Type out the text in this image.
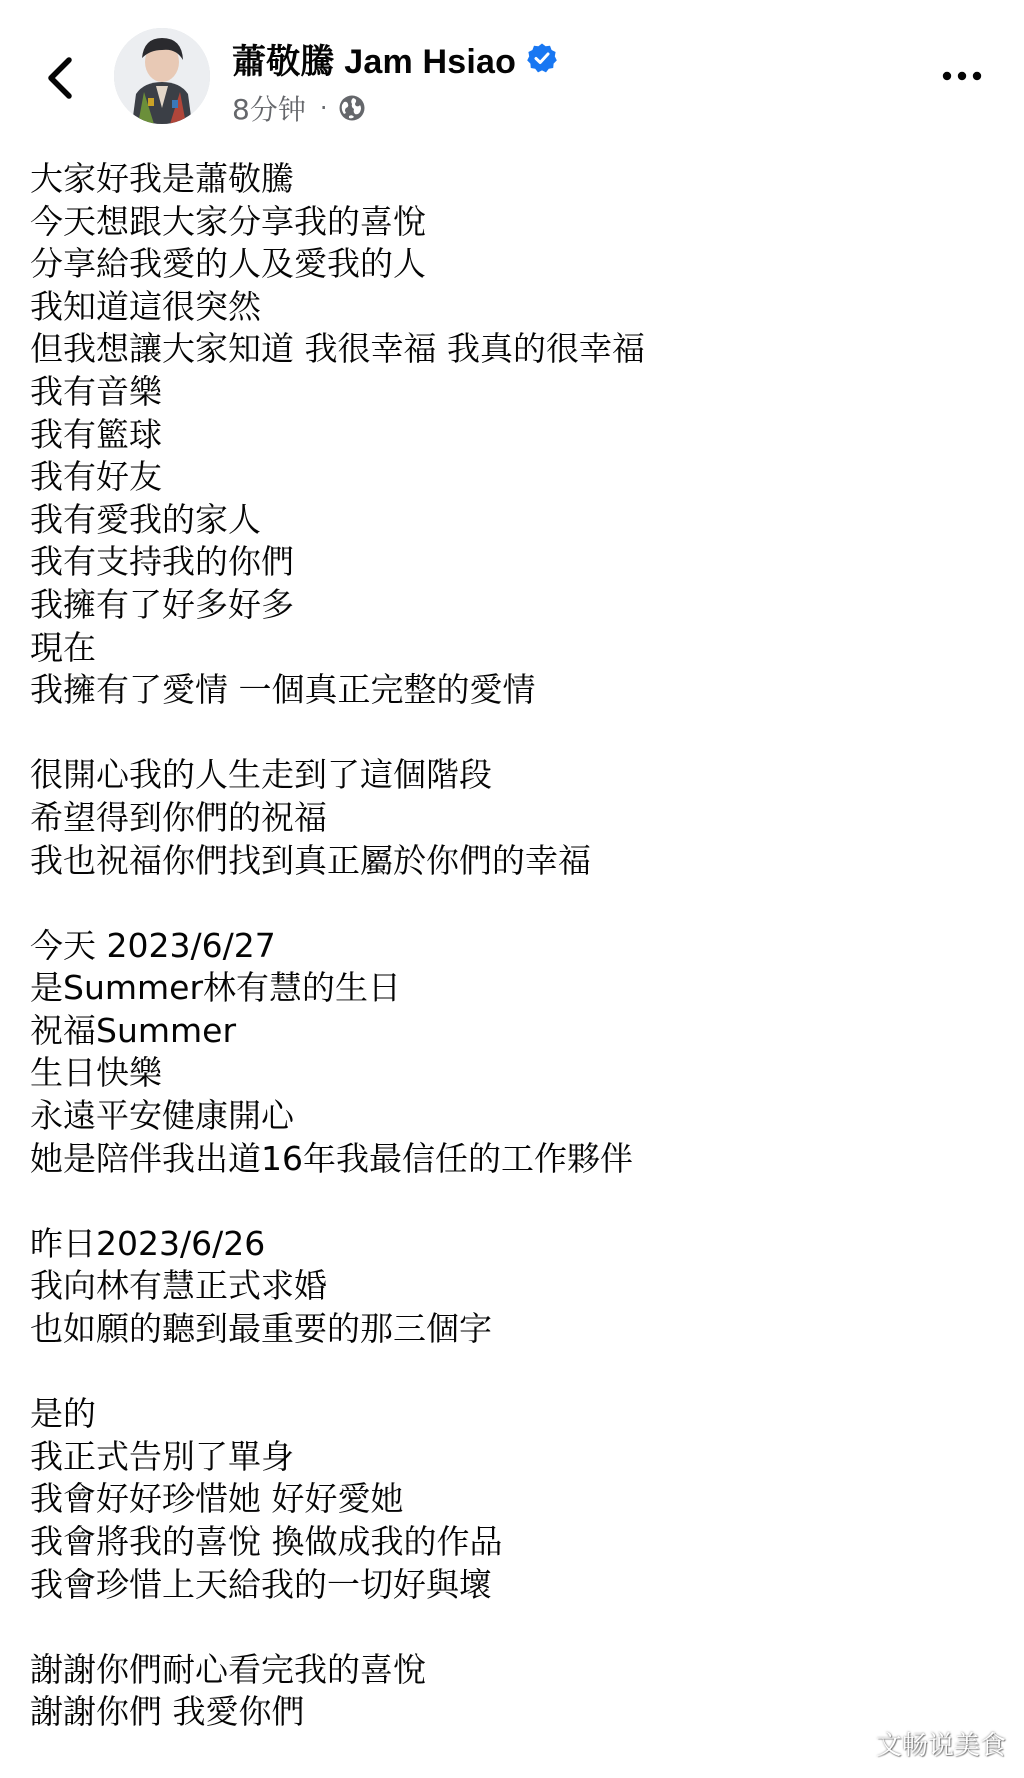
蕭敬騰 Jam Hsiao
8分钟 ·
大家好我是蕭敬騰
今天想跟大家分享我的喜悅
分享給我愛的人及愛我的人
我知道這很突然
但我想讓大家知道 我很幸福 我真的很幸福
我有音樂
我有籃球
我有好友
我有愛我的家人
我有支持我的你們
我擁有了好多好多
現在
我擁有了愛情 一個真正完整的愛情
很開心我的人生走到了這個階段
希望得到你們的祝福
我也祝福你們找到真正屬於你們的幸福
今天 2023/6/27
是Summer林有慧的生日
祝福Summer
生日快樂
永遠平安健康開心
她是陪伴我出道16年我最信任的工作夥伴
昨日2023/6/26
我向林有慧正式求婚
也如願的聽到最重要的那三個字
是的
我正式告別了單身
我會好好珍惜她 好好愛她
我會將我的喜悅 換做成我的作品
我會珍惜上天給我的一切好與壞
謝謝你們耐心看完我的喜悅
謝謝你們 我愛你們
文畅说美食
